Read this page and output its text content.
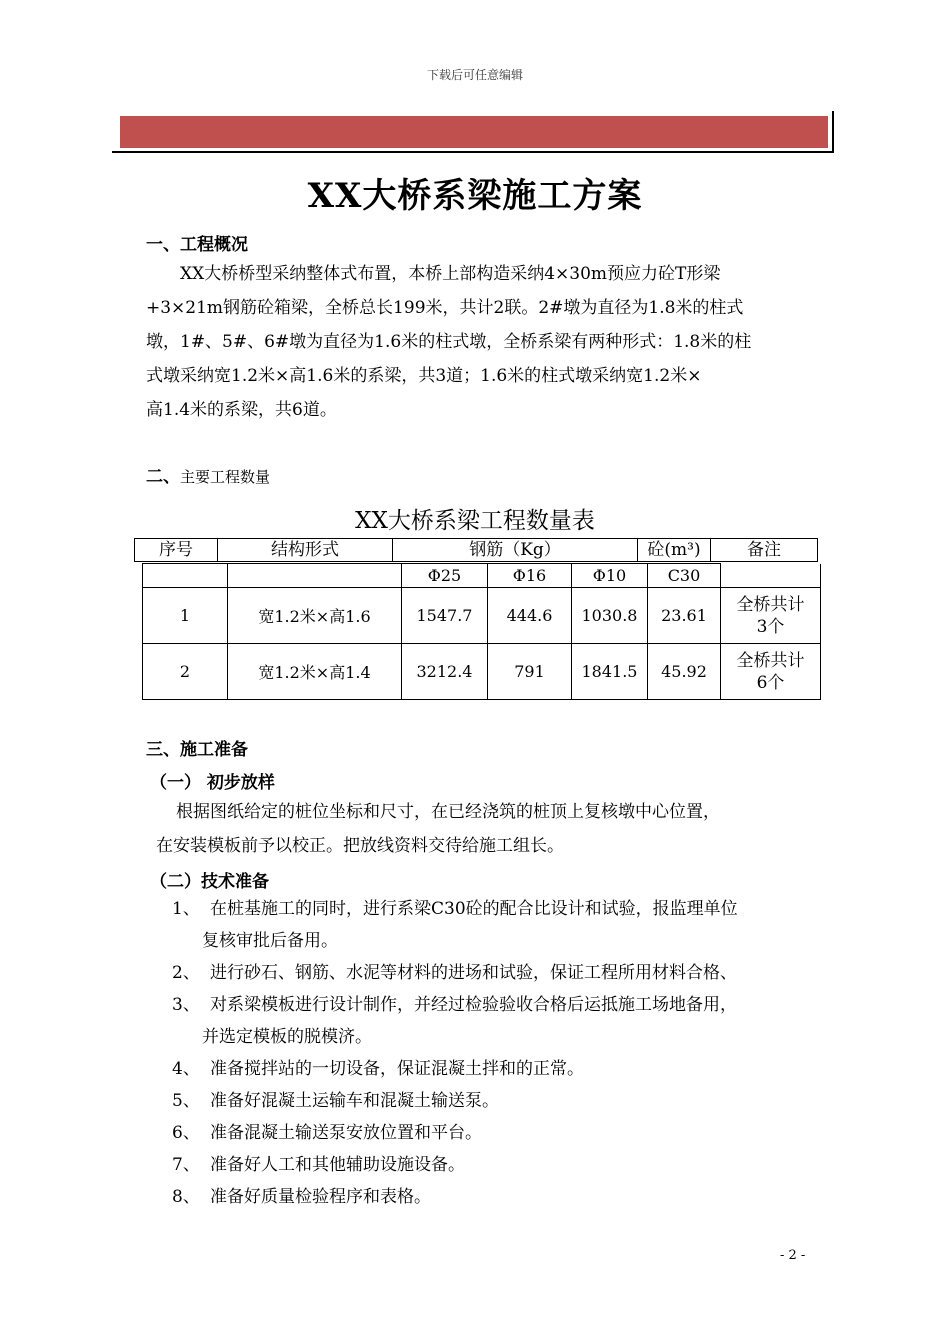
下载后可任意编辑
XX大桥系梁施工方案
一、工程概况
XX大桥桥型采纳整体式布置，本桥上部构造采纳4×30m预应力砼T形梁
+3×21m钢筋砼箱梁，全桥总长199米，共计2联。2#墩为直径为1.8米的柱式
墩，1#、5#、6#墩为直径为1.6米的柱式墩，全桥系梁有两种形式：1.8米的柱
式墩采纳宽1.2米×高1.6米的系梁，共3道；1.6米的柱式墩采纳宽1.2米×
高1.4米的系梁，共6道。
二、主要工程数量
XX大桥系梁工程数量表
序号	结构形式	钢筋（Kg）	砼(m³)	备注
		Φ25	Φ16	Φ10	C30	
1	宽1.2米×高1.6	1547.7	444.6	1030.8	23.61	全桥共计
3个

2	宽1.2米×高1.4	3212.4	791	1841.5	45.92	全桥共计
6个
三、施工准备
（一） 初步放样
根据图纸给定的桩位坐标和尺寸，在已经浇筑的桩顶上复核墩中心位置，
在安装模板前予以校正。把放线资料交待给施工组长。
（二）技术准备
1、 在桩基施工的同时，进行系梁C30砼的配合比设计和试验，报监理单位
复核审批后备用。
2、 进行砂石、钢筋、水泥等材料的进场和试验，保证工程所用材料合格、
3、 对系梁模板进行设计制作，并经过检验验收合格后运抵施工场地备用，
并选定模板的脱模济。
4、 准备搅拌站的一切设备，保证混凝土拌和的正常。
5、 准备好混凝土运输车和混凝土输送泵。
6、 准备混凝土输送泵安放位置和平台。
7、 准备好人工和其他辅助设施设备。
8、 准备好质量检验程序和表格。
- 2 -
